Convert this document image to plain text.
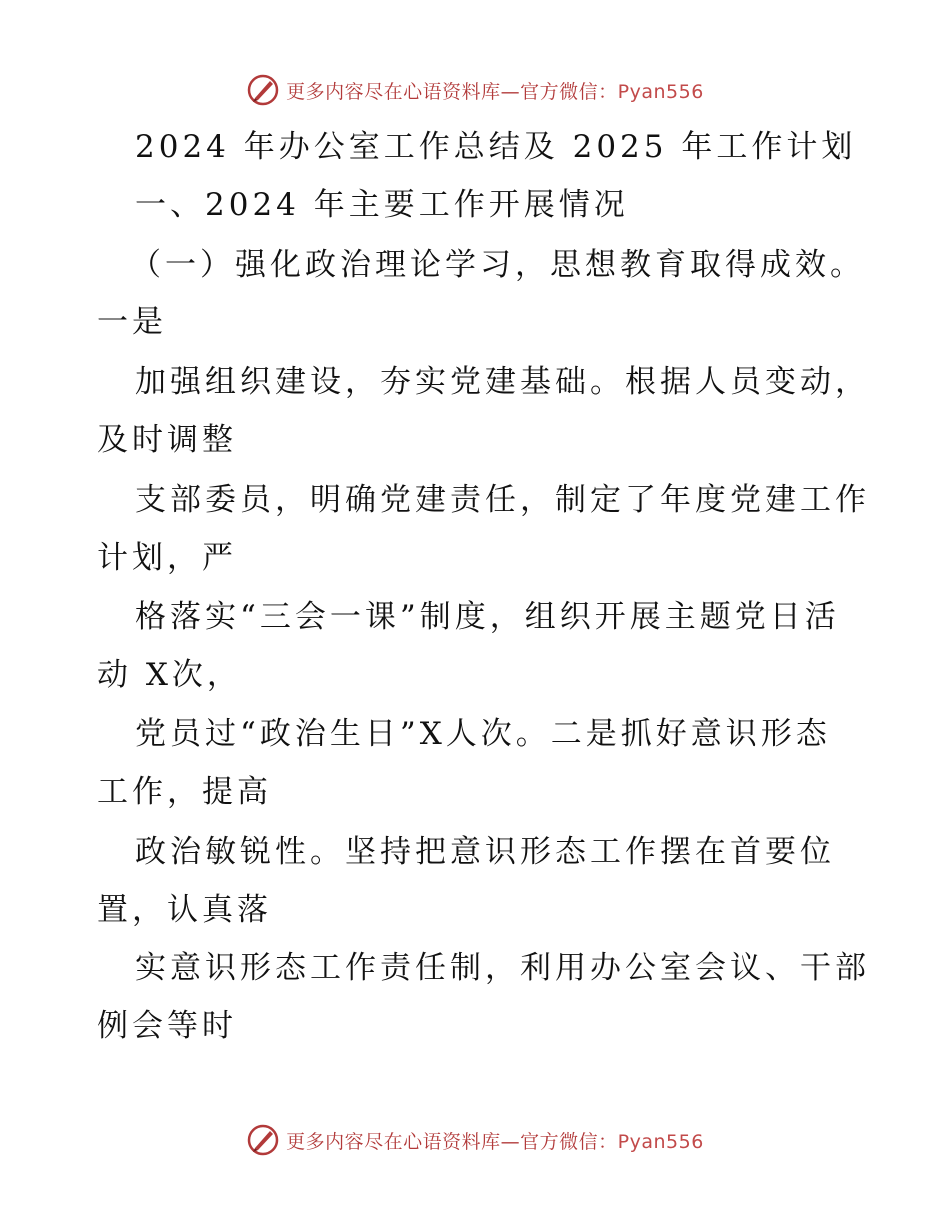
更多内容尽在心语资料库—官方微信：Pyan556
2024 年办公室工作总结及 2025 年工作计划
一、2024 年主要工作开展情况
（一）强化政治理论学习，思想教育取得成效。
一是
加强组织建设，夯实党建基础。根据人员变动，
及时调整
支部委员，明确党建责任，制定了年度党建工作
计划，严
格落实“三会一课”制度，组织开展主题党日活
动 X次，
党员过“政治生日”X人次。二是抓好意识形态
工作，提高
政治敏锐性。坚持把意识形态工作摆在首要位
置，认真落
实意识形态工作责任制，利用办公室会议、干部
例会等时
更多内容尽在心语资料库—官方微信：Pyan556
